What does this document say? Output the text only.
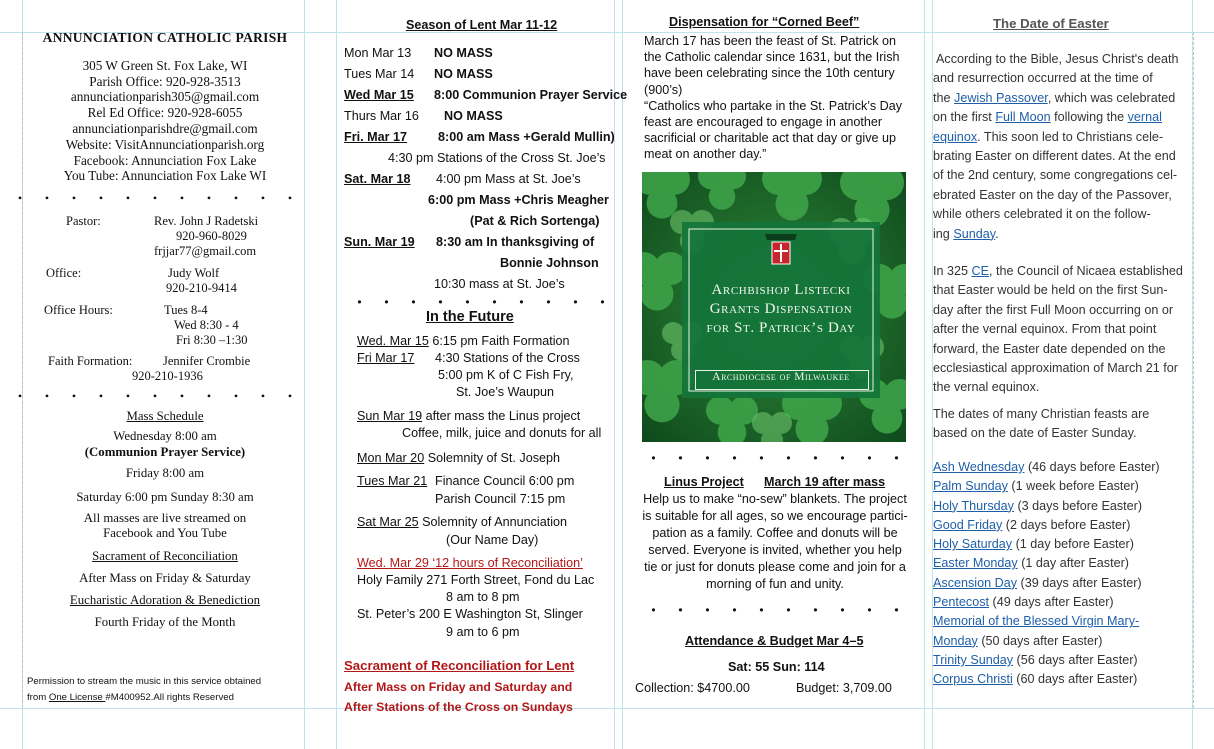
ANNUNCIATION CATHOLIC PARISH

305 W Green St. Fox Lake, WI

Parish Office: 920-928-3513

annunciationparish305@gmail.com

Rel Ed Office: 920-928-6055

annunciationparishdre@gmail.com

Website: VisitAnnunciationparish.org

Facebook: Annunciation Fox Lake

You Tube: Annunciation Fox Lake WI

• • • • • • • • • • •
Pastor:	Rev. John J Radetski
920-960-8029
frjjar77@gmail.com
Office:	Judy Wolf
920-210-9414
Office Hours:	Tues 8-4
Wed 8:30 - 4
Fri 8:30 –1:30
Faith Formation: Jennifer Crombie
920-210-1936
• • • • • • • • • • •

Mass Schedule

Wednesday 8:00 am

(Communion Prayer Service)

Friday 8:00 am

Saturday 6:00 pm Sunday 8:30 am

All masses are live streamed on

Facebook and You Tube

Sacrament of Reconciliation

After Mass on Friday & Saturday

Eucharistic Adoration & Benediction

Fourth Friday of the Month

Permission to stream the music in this service obtained
from One License #M400952.All rights Reserved
Season of Lent Mar 11-12
Mon Mar 13 NO MASS
Tues Mar 14 NO MASS
Wed Mar 15 8:00 Communion Prayer Service
Thurs Mar 16 NO MASS
Fri. Mar 17 8:00 am Mass +Gerald Mullin)
4:30 pm Stations of the Cross St. Joe’s
Sat. Mar 18 4:00 pm Mass at St. Joe’s
6:00 pm Mass +Chris Meagher
(Pat & Rich Sortenga)
Sun. Mar 19 8:30 am In thanksgiving of
Bonnie Johnson
10:30 mass at St. Joe’s
• • • • • • • • • •
In the Future
Wed. Mar 15 6:15 pm Faith Formation
Fri Mar 17 4:30 Stations of the Cross
5:00 pm K of C Fish Fry,
St. Joe’s Waupun
Sun Mar 19 after mass the Linus project
Coffee, milk, juice and donuts for all
Mon Mar 20 Solemnity of St. Joseph
Tues Mar 21 Finance Council 6:00 pm
Parish Council 7:15 pm
Sat Mar 25 Solemnity of Annunciation
(Our Name Day)
Wed. Mar 29 ‘12 hours of Reconciliation’
Holy Family 271 Forth Street, Fond du Lac
8 am to 8 pm
St. Peter’s 200 E Washington St, Slinger
9 am to 6 pm
Sacrament of Reconciliation for Lent
After Mass on Friday and Saturday and
After Stations of the Cross on Sundays
Dispensation for “Corned Beef”
March 17 has been the feast of St. Patrick on
the Catholic calendar since 1631, but the Irish
have been celebrating since the 10th century
(900’s)
“Catholics who partake in the St. Patrick’s Day
feast are encouraged to engage in another
sacrificial or charitable act that day or give up
meat on another day.”
Archbishop Listecki
Grants Dispensation
for St. Patrick’s Day
Archdiocese of Milwaukee
• • • • • • • • • •
Linus Project March 19 after mass
Help us to make “no-sew” blankets. The project
is suitable for all ages, so we encourage partici-
pation as a family. Coffee and donuts will be
served. Everyone is invited, whether you help
tie or just for donuts please come and join for a
morning of fun and unity.
• • • • • • • • • •
Attendance & Budget Mar 4–5
Sat: 55 Sun: 114
Collection: $4700.00	Budget: 3,709.00
The Date of Easter
According to the Bible, Jesus Christ's death
and resurrection occurred at the time of
the Jewish Passover, which was celebrated
on the first Full Moon following the vernal
equinox. This soon led to Christians cele-
brating Easter on different dates. At the end
of the 2nd century, some congregations cel-
ebrated Easter on the day of the Passover,
while others celebrated it on the follow-
ing Sunday.
In 325 CE, the Council of Nicaea established
that Easter would be held on the first Sun-
day after the first Full Moon occurring on or
after the vernal equinox. From that point
forward, the Easter date depended on the
ecclesiastical approximation of March 21 for
the vernal equinox.
The dates of many Christian feasts are
based on the date of Easter Sunday.
Ash Wednesday (46 days before Easter)
Palm Sunday (1 week before Easter)
Holy Thursday (3 days before Easter)
Good Friday (2 days before Easter)
Holy Saturday (1 day before Easter)
Easter Monday (1 day after Easter)
Ascension Day (39 days after Easter)
Pentecost (49 days after Easter)
Memorial of the Blessed Virgin Mary-
Monday (50 days after Easter)
Trinity Sunday (56 days after Easter)
Corpus Christi (60 days after Easter)
